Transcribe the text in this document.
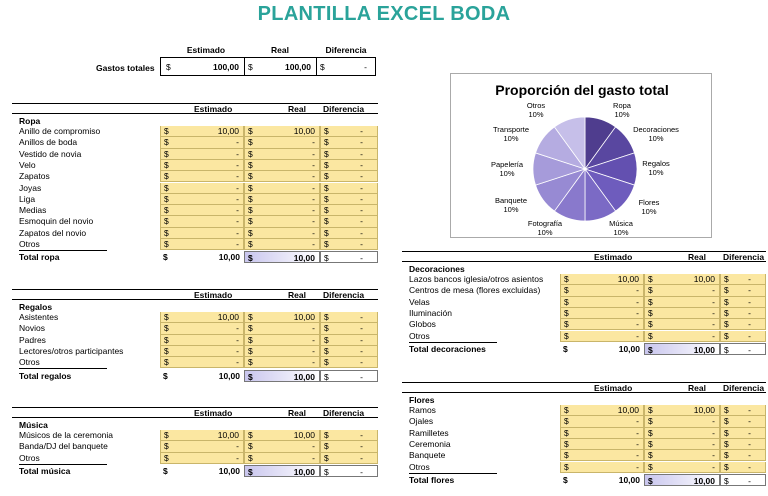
PLANTILLA EXCEL BODA
Estimado	Real	Diferencia
Gastos totales $	100,00 $	100,00 $	-
Estimado	Real Diferencia
Ropa
Anillo de compromiso	$	10,00 $	10,00 $	-
Anillos de boda	$	- $	- $	-
Vestido de novia	$	- $	- $	-
Velo	$	- $	- $	-
Zapatos	$	- $	- $	-
Joyas	$	- $	- $	-
Liga	$	- $	- $	-
Medias	$	- $	- $	-
Esmoquin del novio	$	- $	- $	-
Zapatos del novio	$	- $	- $	-
Otros	$	- $	- $	-
Total ropa	$	10,00 $	10,00 $	-
Estimado	Real Diferencia
Regalos
Asistentes	$	10,00 $	10,00 $	-
Novios	$	- $	- $	-
Padres	$	- $	- $	-
Lectores/otros participantes	$	- $	- $	-
Otros	$	- $	- $	-
Total regalos	$	10,00 $	10,00 $	-
Estimado	Real Diferencia
Música
Músicos de la ceremonia	$	10,00 $	10,00 $	-
Banda/DJ del banquete	$	- $	- $	-
Otros	$	- $	- $	-
Total música	$	10,00 $	10,00 $	-
Estimado	Real Diferencia
Decoraciones
Lazos bancos iglesia/otros asientos $	10,00 $	10,00 $ -
Centros de mesa (flores excluidas)	$	- $	- $ -
Velas	$	- $	- $ -
Iluminación	$	- $	- $ -
Globos	$	- $	- $ -
Otros	$	- $	- $ -
Total decoraciones	$	10,00 $	10,00 $ -
Estimado	Real Diferencia
Flores
Ramos	$	10,00 $	10,00 $ -
Ojales	$	- $	- $ -
Ramilletes	$	- $	- $ -
Ceremonia	$	- $	- $ -
Banquete	$	- $	- $ -
Otros	$	- $	- $ -
Total flores	$	10,00 $	10,00 $ -
Proporción del gasto total
Ropa
10%
Decoraciones
10%
Regalos
10%
Flores
10%
Música
10%
Fotografía
10%
Banquete
10%
Papelería
10%
Transporte
10%
Otros
10%
